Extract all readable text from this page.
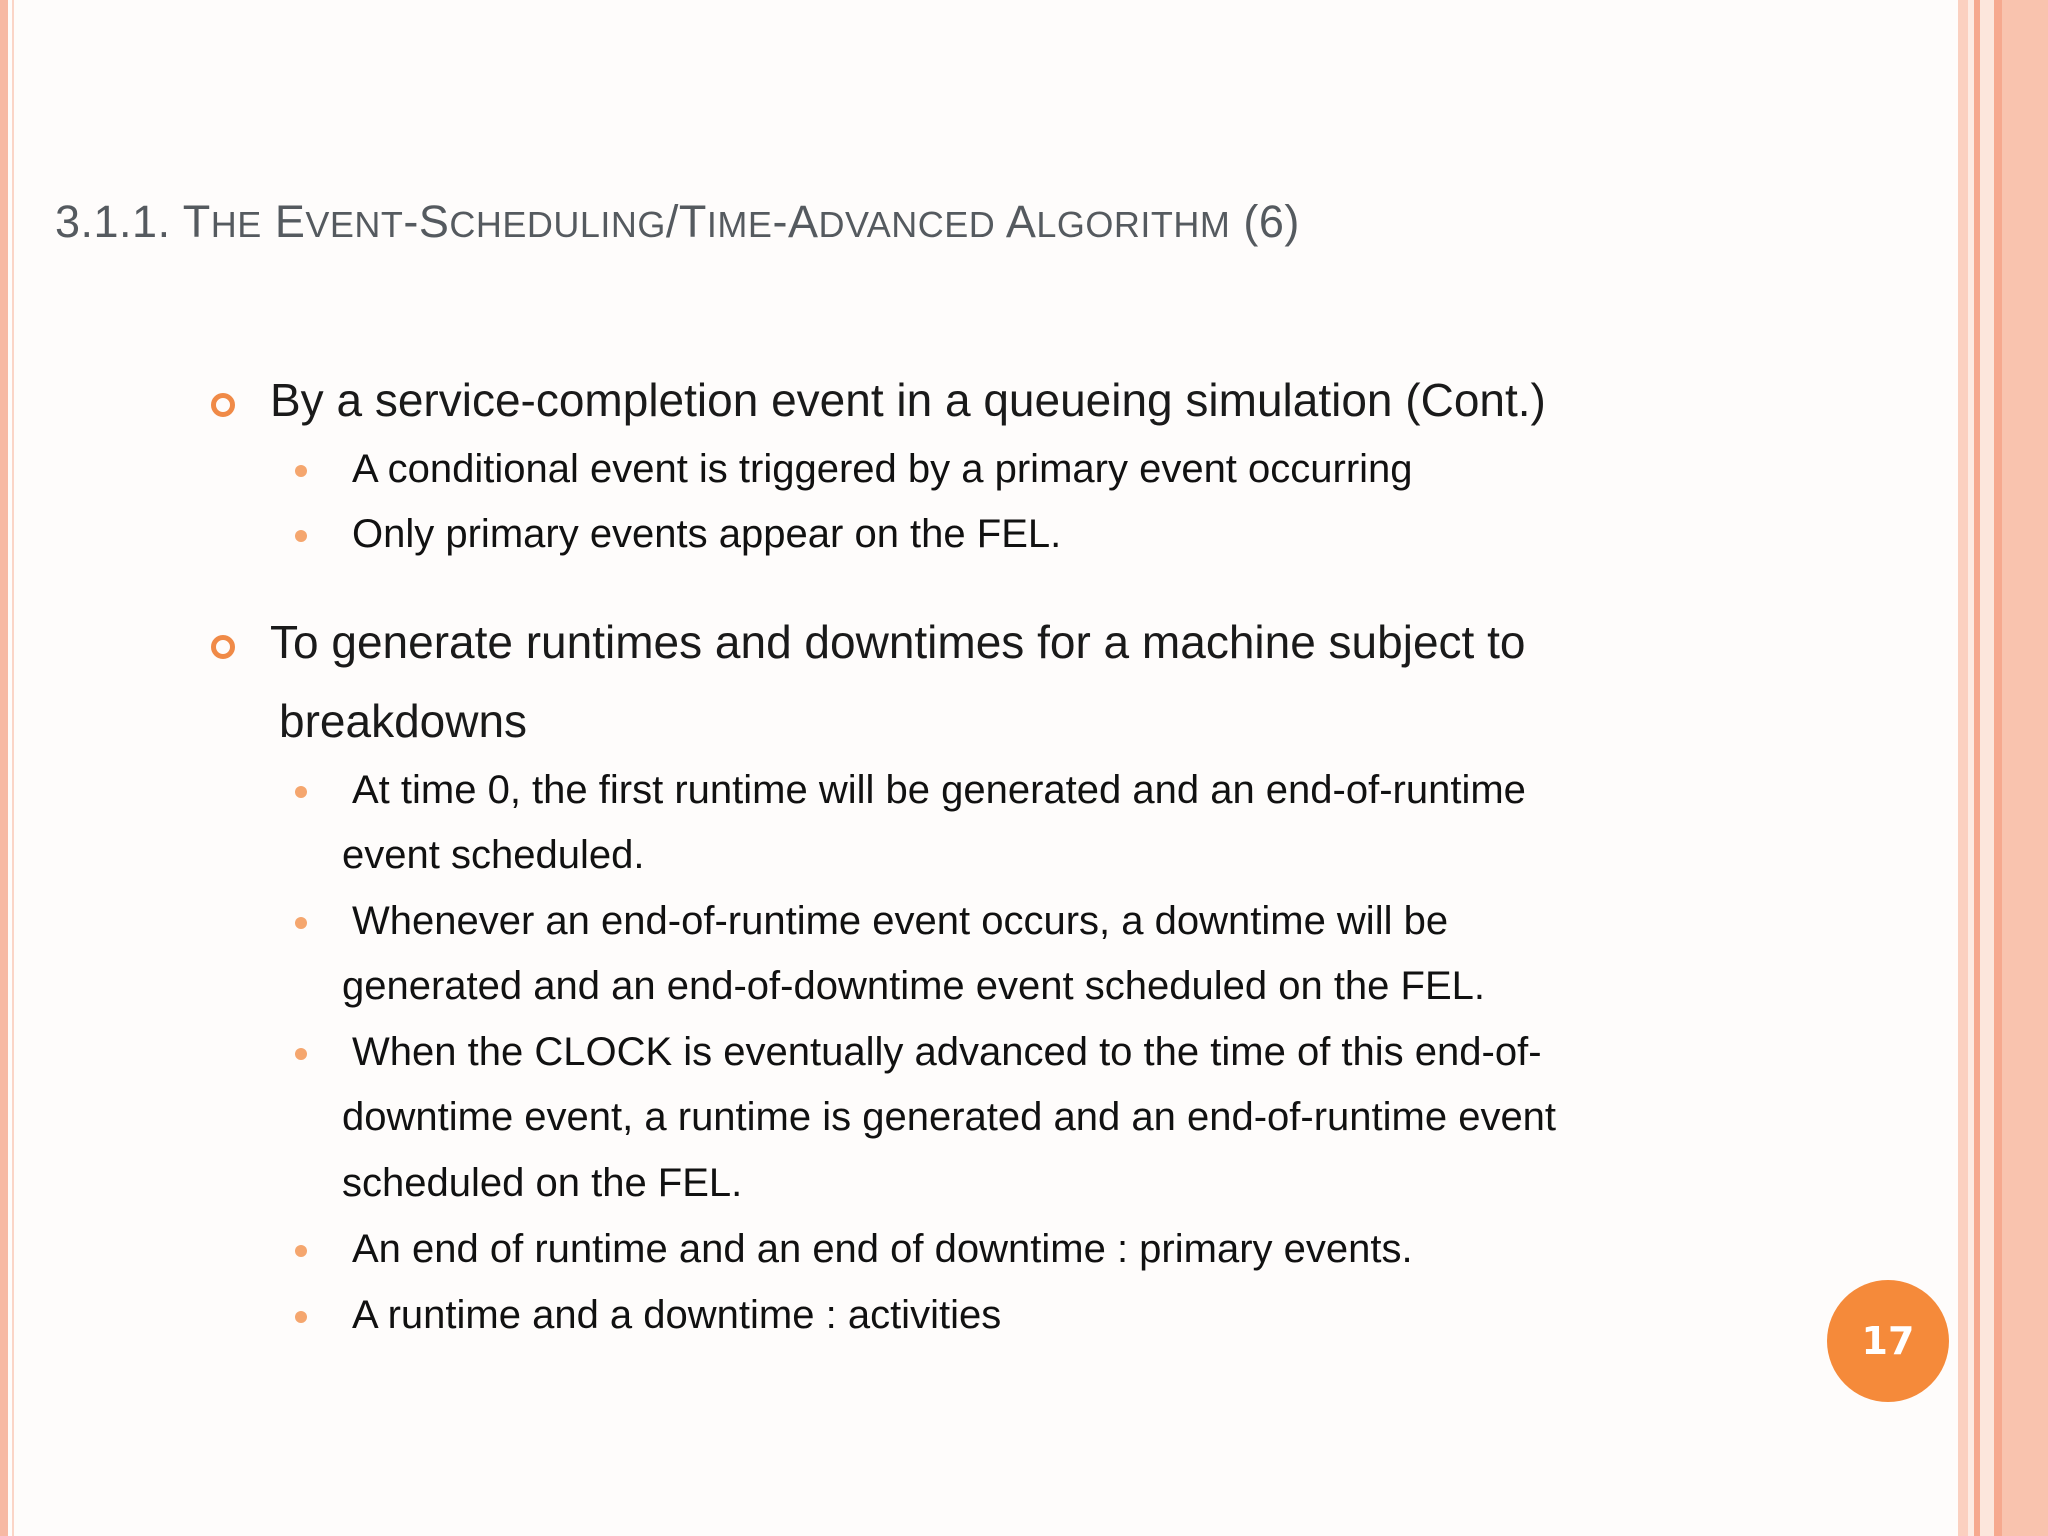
3.1.1. THE EVENT-SCHEDULING/TIME-ADVANCED ALGORITHM (6)
By a service-completion event in a queueing simulation (Cont.)
A conditional event is triggered by a primary event occurring
Only primary events appear on the FEL.
To generate runtimes and downtimes for a machine subject to
breakdowns
At time 0, the first runtime will be generated and an end-of-runtime
event scheduled.
Whenever an end-of-runtime event occurs, a downtime will be
generated and an end-of-downtime event scheduled on the FEL.
When the CLOCK is eventually advanced to the time of this end-of-
downtime event, a runtime is generated and an end-of-runtime event
scheduled on the FEL.
An end of runtime and an end of downtime : primary events.
A runtime and a downtime : activities
17
